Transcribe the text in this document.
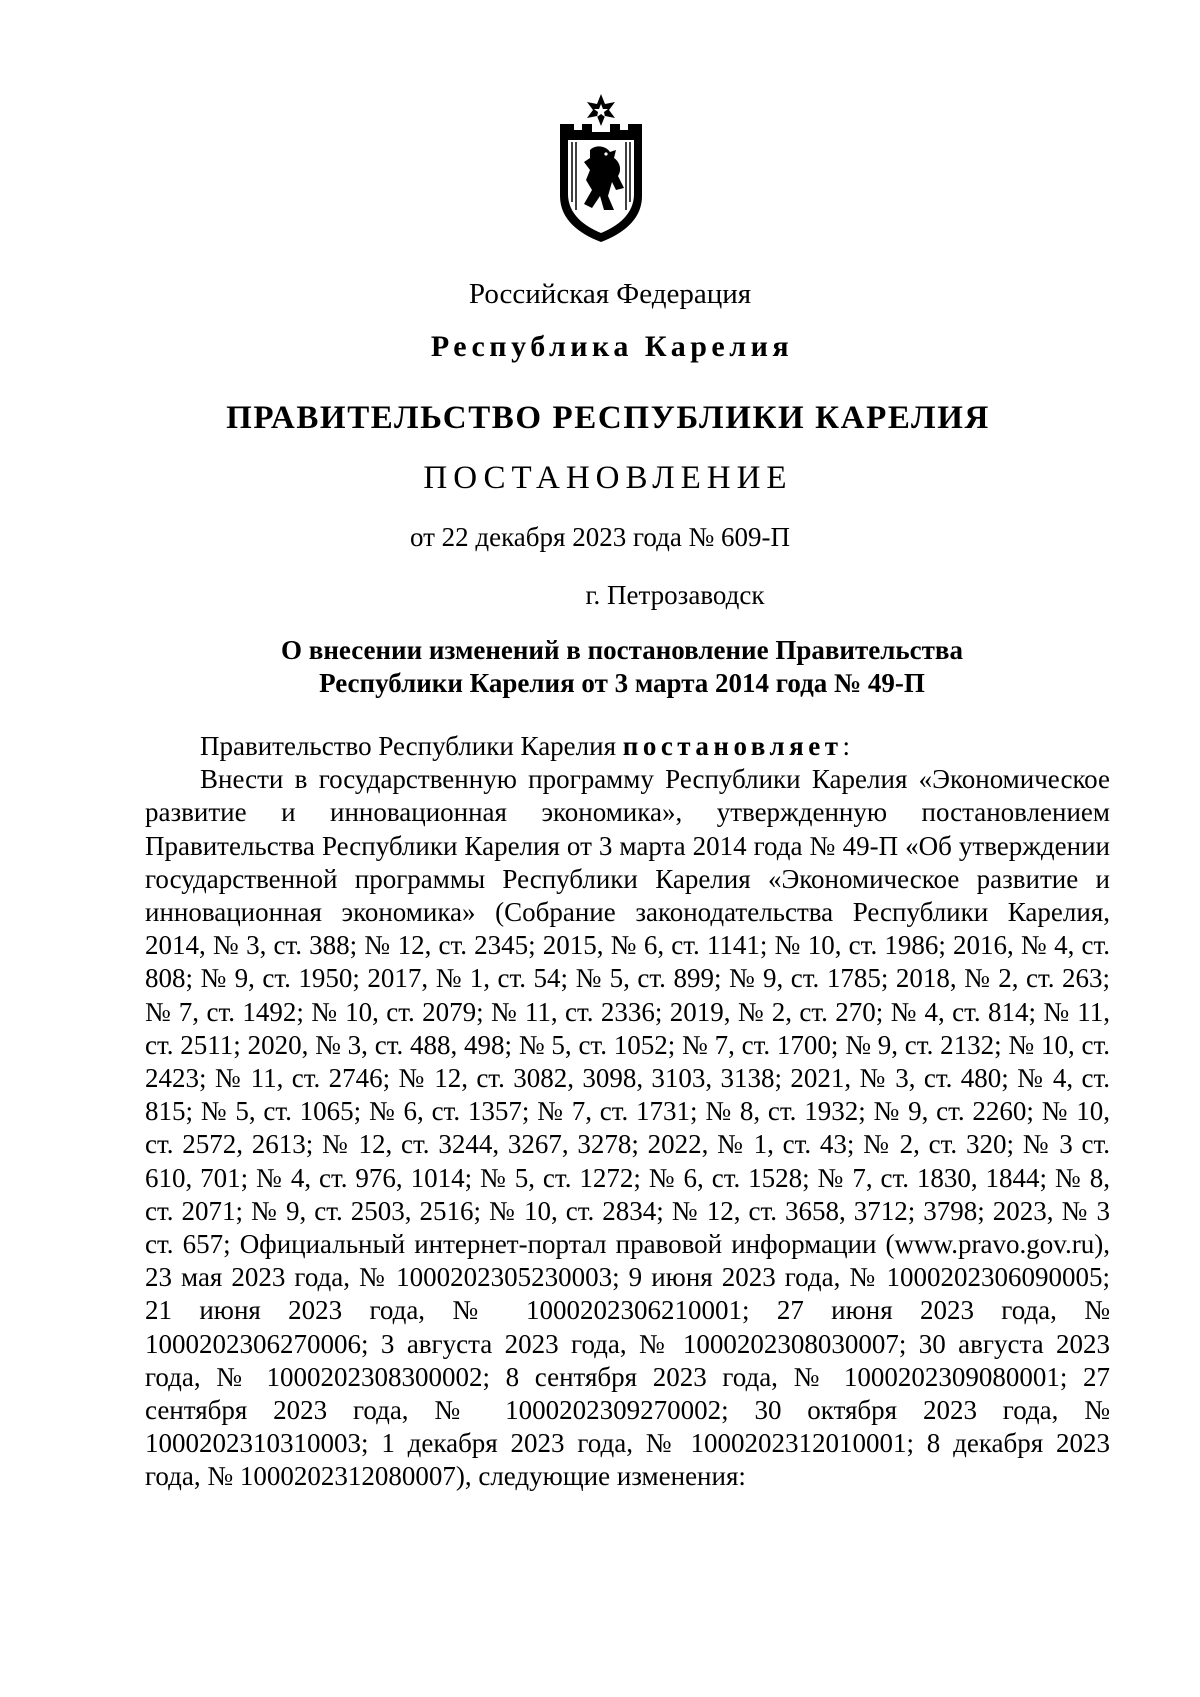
Российская Федерация
Республика Карелия
ПРАВИТЕЛЬСТВО РЕСПУБЛИКИ КАРЕЛИЯ
ПОСТАНОВЛЕНИЕ
от 22 декабря 2023 года № 609-П
г. Петрозаводск
О внесении изменений в постановление Правительства
Республики Карелия от 3 марта 2014 года № 49-П

Правительство Республики Карелия постановляет:

Внести в государственную программу Республики Карелия «Экономическое развитие и инновационная экономика», утвержденную постановлением Правительства Республики Карелия от 3 марта 2014 года № 49-П «Об утверждении государственной программы Республики Карелия «Экономическое развитие и инновационная экономика» (Собрание законодательства Республики Карелия, 2014, № 3, ст. 388; № 12, ст. 2345; 2015, № 6, ст. 1141; № 10, ст. 1986; 2016, № 4, ст. 808; № 9, ст. 1950; 2017, № 1, ст. 54; № 5, ст. 899; № 9, ст. 1785; 2018, № 2, ст. 263; № 7, ст. 1492; № 10, ст. 2079; № 11, ст. 2336; 2019, № 2, ст. 270; № 4, ст. 814; № 11, ст. 2511; 2020, № 3, ст. 488, 498; № 5, ст. 1052; № 7, ст. 1700; № 9, ст. 2132; № 10, ст. 2423; № 11, ст. 2746; № 12, ст. 3082, 3098, 3103, 3138; 2021, № 3, ст. 480; № 4, ст. 815; № 5, ст. 1065; № 6, ст. 1357; № 7, ст. 1731; № 8, ст. 1932; № 9, ст. 2260; № 10, ст. 2572, 2613; № 12, ст. 3244, 3267, 3278; 2022, № 1, ст. 43; № 2, ст. 320; № 3 ст. 610, 701; № 4, ст. 976, 1014; № 5, ст. 1272; № 6, ст. 1528; № 7, ст. 1830, 1844; № 8, ст. 2071; № 9, ст. 2503, 2516; № 10, ст. 2834; № 12, ст. 3658, 3712; 3798; 2023, № 3 ст. 657; Официальный интернет-портал правовой информации (www.pravo.gov.ru), 23 мая 2023 года, № 1000202305230003; 9 июня 2023 года, № 1000202306090005; 21 июня 2023 года, № 1000202306210001; 27 июня 2023 года, № 1000202306270006; 3 августа 2023 года, № 1000202308030007; 30 августа 2023 года, № 1000202308300002; 8 сентября 2023 года, № 1000202309080001; 27 сентября 2023 года, № 1000202309270002; 30 октября 2023 года, № 1000202310310003; 1 декабря 2023 года, № 1000202312010001; 8 декабря 2023 года, № 1000202312080007), следующие изменения:
